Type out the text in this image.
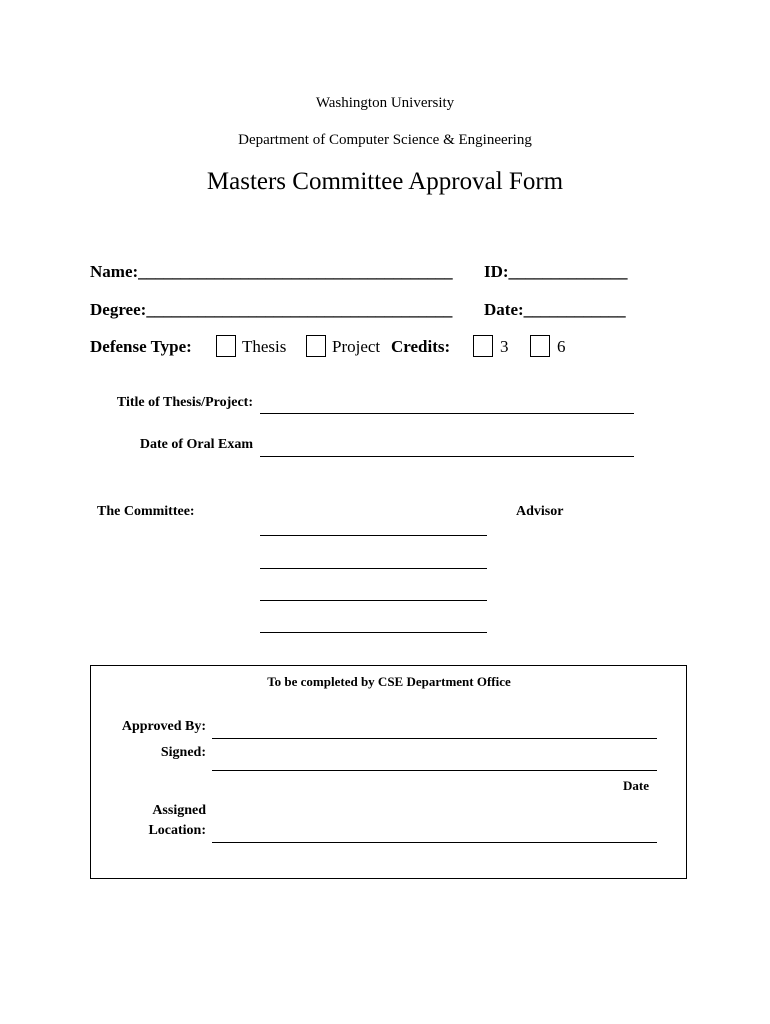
Washington University
Department of Computer Science & Engineering
Masters Committee Approval Form
Name:_____________________________________ ID:______________
Degree:____________________________________ Date:____________
Defense Type:	Thesis	Project Credits:	3	6
Title of Thesis/Project:
Date of Oral Exam
The Committee:	Advisor
To be completed by CSE Department Office
Approved By:
Signed:
Date
Assigned
Location:
